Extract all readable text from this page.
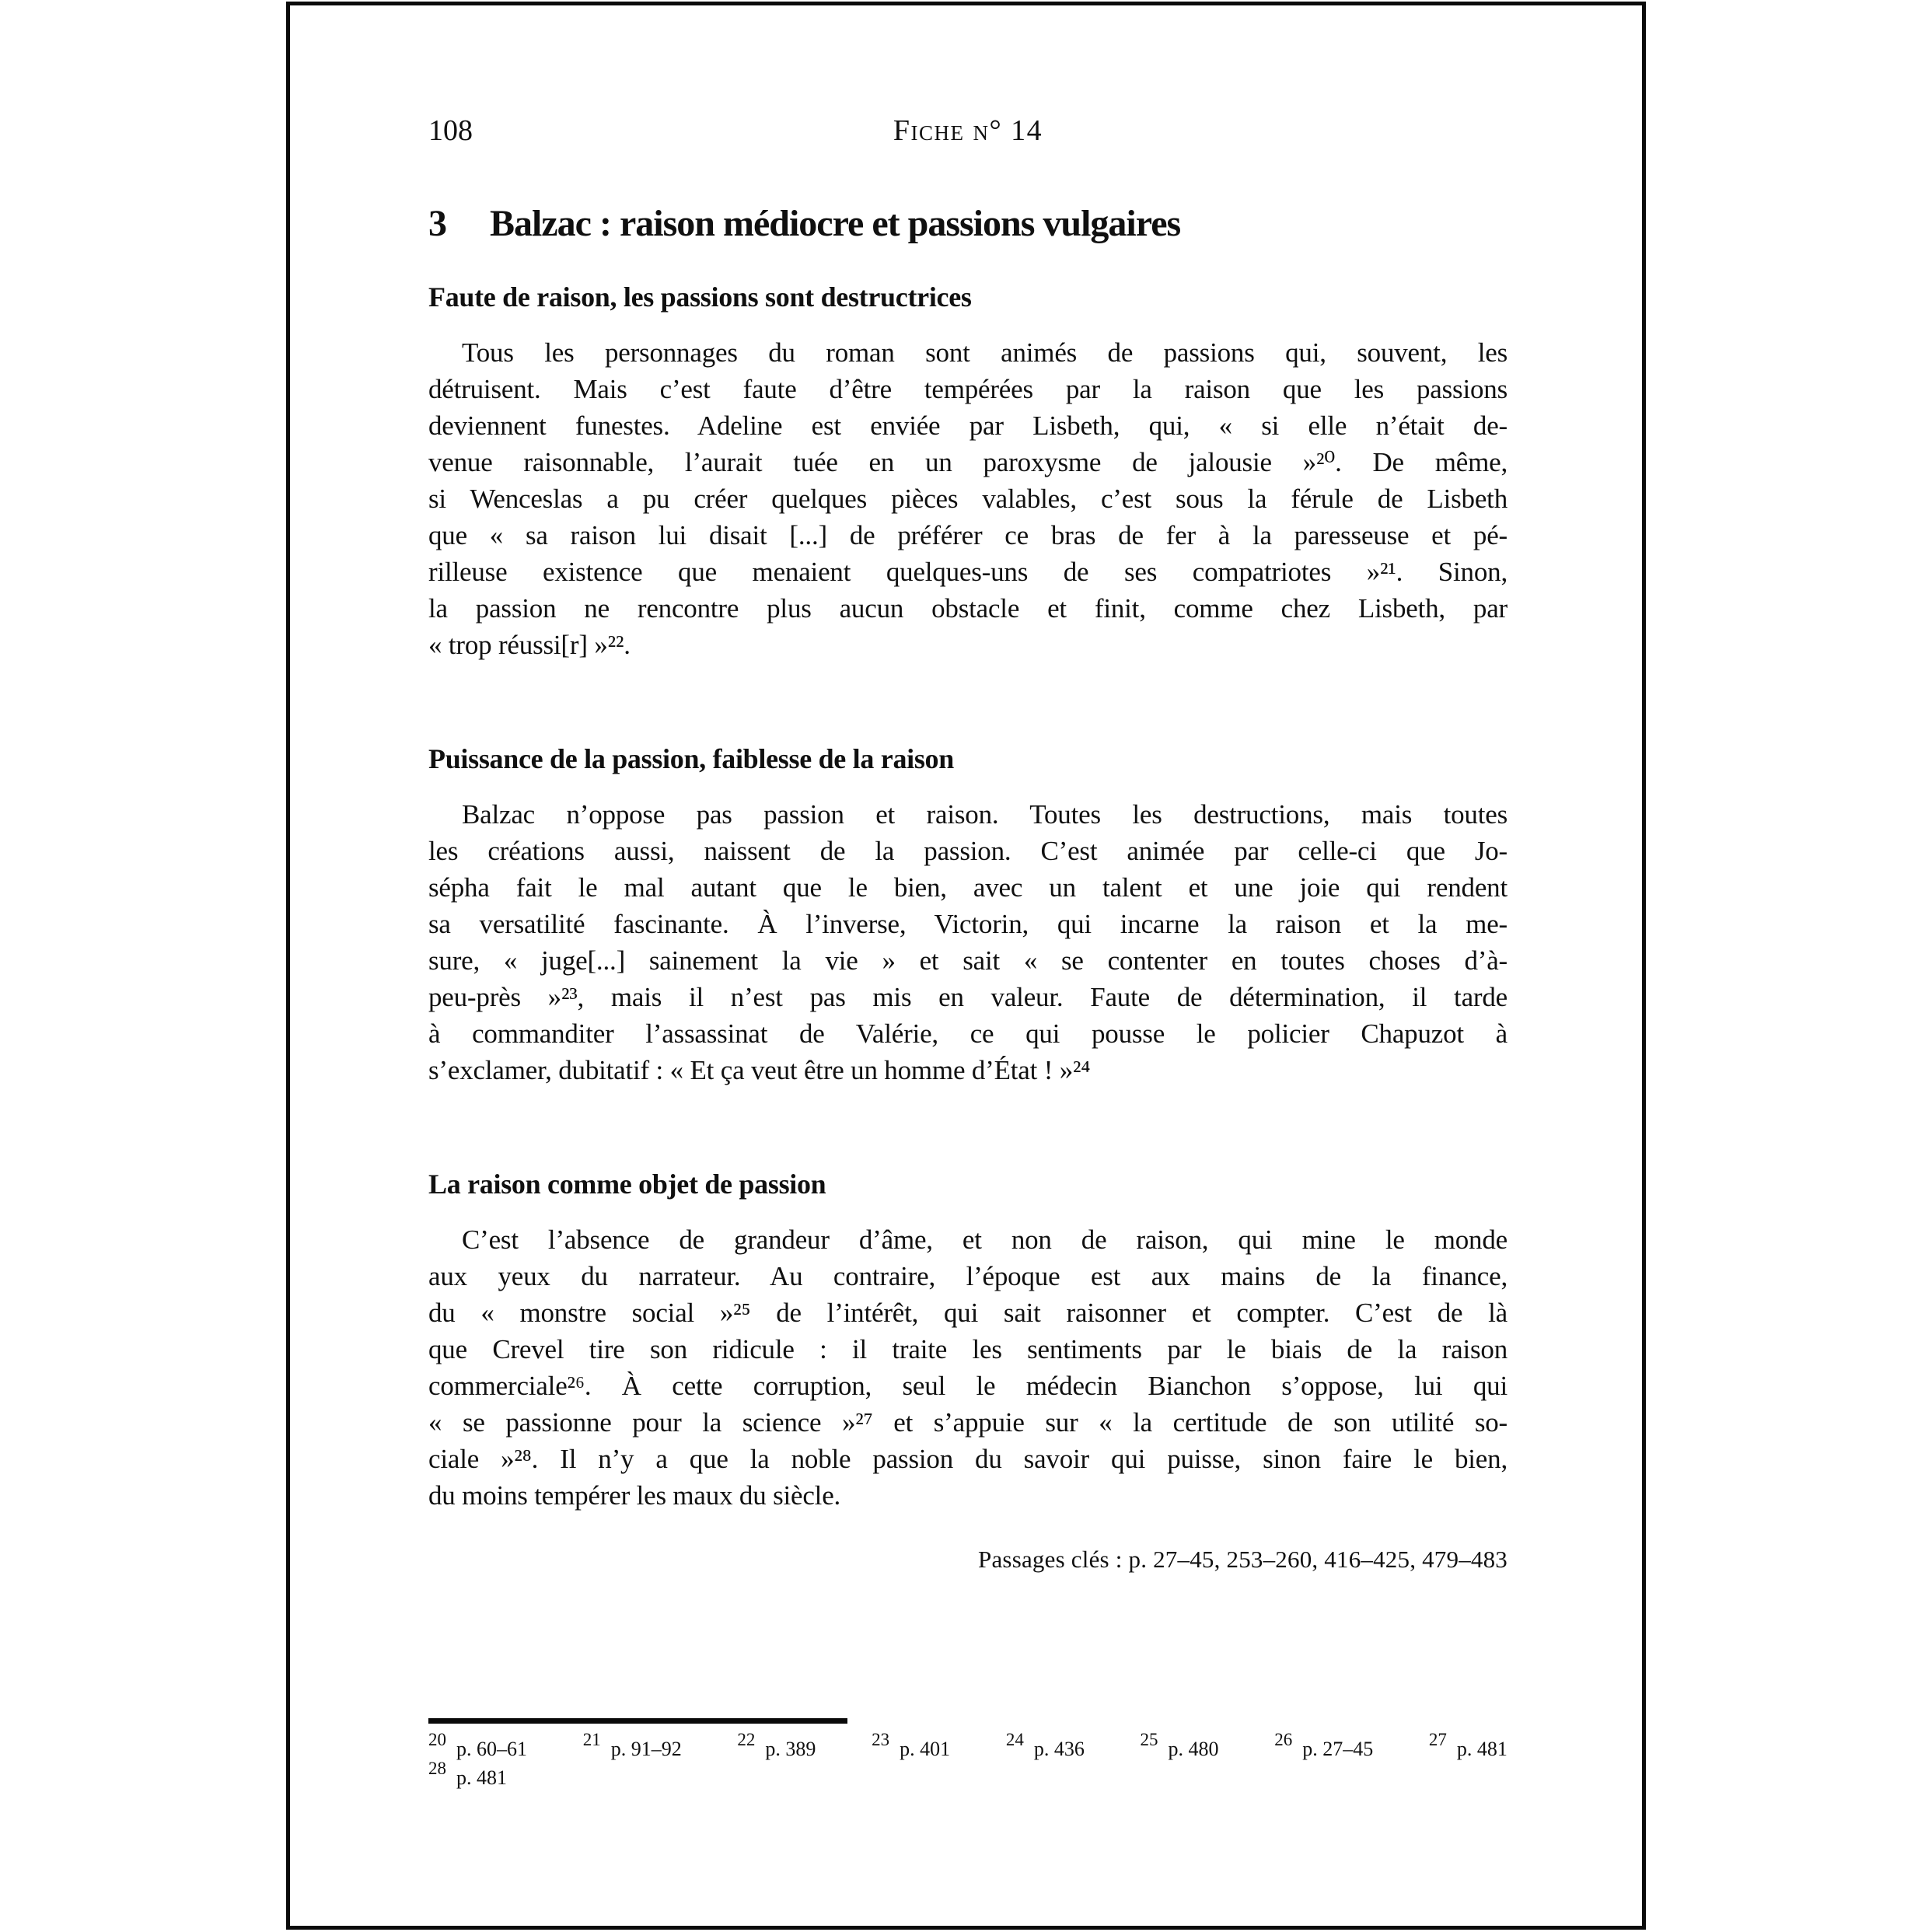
108	Fiche n° 14
3 Balzac : raison médiocre et passions vulgaires
Faute de raison, les passions sont destructrices
Tous les personnages du roman sont animés de passions qui, souvent, les
détruisent. Mais c’est faute d’être tempérées par la raison que les passions
deviennent funestes. Adeline est enviée par Lisbeth, qui, « si elle n’était de-
venue raisonnable, l’aurait tuée en un paroxysme de jalousie »²⁰. De même,
si Wenceslas a pu créer quelques pièces valables, c’est sous la férule de Lisbeth
que « sa raison lui disait [...] de préférer ce bras de fer à la paresseuse et pé-
rilleuse existence que menaient quelques-uns de ses compatriotes »²¹. Sinon,
la passion ne rencontre plus aucun obstacle et finit, comme chez Lisbeth, par
« trop réussi[r] »²².
Puissance de la passion, faiblesse de la raison
Balzac n’oppose pas passion et raison. Toutes les destructions, mais toutes
les créations aussi, naissent de la passion. C’est animée par celle-ci que Jo-
sépha fait le mal autant que le bien, avec un talent et une joie qui rendent
sa versatilité fascinante. À l’inverse, Victorin, qui incarne la raison et la me-
sure, « juge[...] sainement la vie » et sait « se contenter en toutes choses d’à-
peu-près »²³, mais il n’est pas mis en valeur. Faute de détermination, il tarde
à commanditer l’assassinat de Valérie, ce qui pousse le policier Chapuzot à
s’exclamer, dubitatif : « Et ça veut être un homme d’État ! »²⁴
La raison comme objet de passion
C’est l’absence de grandeur d’âme, et non de raison, qui mine le monde
aux yeux du narrateur. Au contraire, l’époque est aux mains de la finance,
du « monstre social »²⁵ de l’intérêt, qui sait raisonner et compter. C’est de là
que Crevel tire son ridicule : il traite les sentiments par le biais de la raison
commerciale²⁶. À cette corruption, seul le médecin Bianchon s’oppose, lui qui
« se passionne pour la science »²⁷ et s’appuie sur « la certitude de son utilité so-
ciale »²⁸. Il n’y a que la noble passion du savoir qui puisse, sinon faire le bien,
du moins tempérer les maux du siècle.
Passages clés : p. 27–45, 253–260, 416–425, 479–483
20 p. 60–61	21 p. 91–92	22 p. 389	23 p. 401	24 p. 436	25 p. 480	26 p. 27–45	27 p. 481
28 p. 481
